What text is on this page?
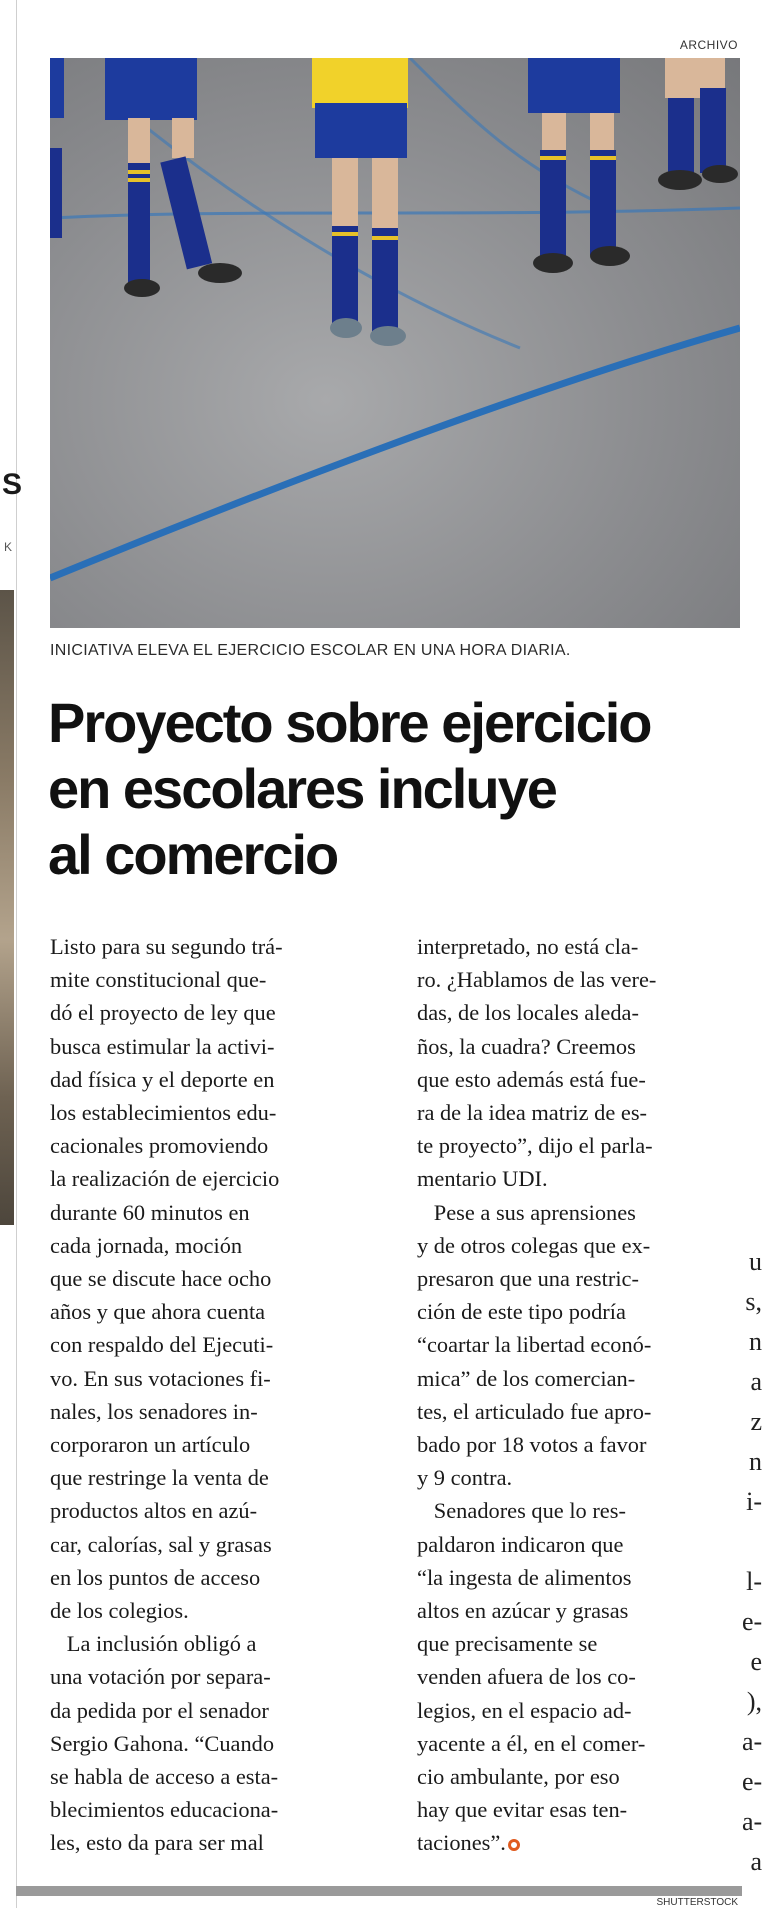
S
K
u
s,
n
a
z
n
i-
l-
e-
e
),
a-
e-
a-
a
ARCHIVO
INICIATIVA ELEVA EL EJERCICIO ESCOLAR EN UNA HORA DIARIA.
Proyecto sobre ejercicio
en escolares incluye
al comercio
Listo para su segundo trá-
mite constitucional que-
dó el proyecto de ley que
busca estimular la activi-
dad física y el deporte en
los establecimientos edu-
cacionales promoviendo
la realización de ejercicio
durante 60 minutos en
cada jornada, moción
que se discute hace ocho
años y que ahora cuenta
con respaldo del Ejecuti-
vo. En sus votaciones fi-
nales, los senadores in-
corporaron un artículo
que restringe la venta de
productos altos en azú-
car, calorías, sal y grasas
en los puntos de acceso
de los colegios.
La inclusión obligó a
una votación por separa-
da pedida por el senador
Sergio Gahona. “Cuando
se habla de acceso a esta-
blecimientos educaciona-
les, esto da para ser mal
interpretado, no está cla-
ro. ¿Hablamos de las vere-
das, de los locales aleda-
ños, la cuadra? Creemos
que esto además está fue-
ra de la idea matriz de es-
te proyecto”, dijo el parla-
mentario UDI.
Pese a sus aprensiones
y de otros colegas que ex-
presaron que una restric-
ción de este tipo podría
“coartar la libertad econó-
mica” de los comercian-
tes, el articulado fue apro-
bado por 18 votos a favor
y 9 contra.
Senadores que lo res-
paldaron indicaron que
“la ingesta de alimentos
altos en azúcar y grasas
que precisamente se
venden afuera de los co-
legios, en el espacio ad-
yacente a él, en el comer-
cio ambulante, por eso
hay que evitar esas ten-
taciones”.
SHUTTERSTOCK
